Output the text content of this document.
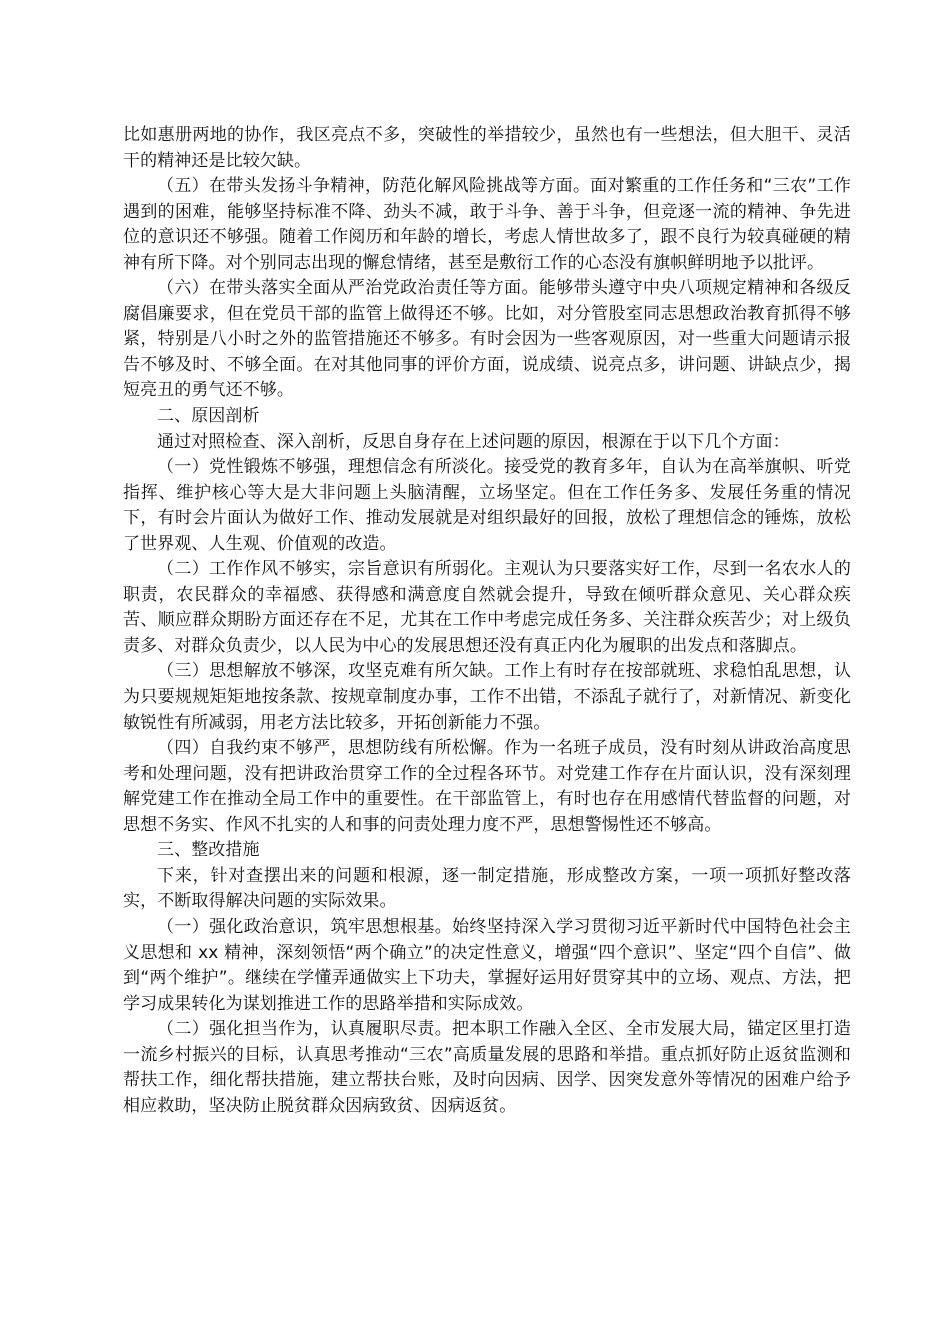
比如惠册两地的协作，我区亮点不多，突破性的举措较少，虽然也有一些想法，但大胆干、灵活干的精神还是比较欠缺。

（五）在带头发扬斗争精神，防范化解风险挑战等方面。面对繁重的工作任务和“三农”工作遇到的困难，能够坚持标准不降、劲头不减，敢于斗争、善于斗争，但竞逐一流的精神、争先进位的意识还不够强。随着工作阅历和年龄的增长，考虑人情世故多了，跟不良行为较真碰硬的精神有所下降。对个别同志出现的懈怠情绪，甚至是敷衍工作的心态没有旗帜鲜明地予以批评。

（六）在带头落实全面从严治党政治责任等方面。能够带头遵守中央八项规定精神和各级反腐倡廉要求，但在党员干部的监管上做得还不够。比如，对分管股室同志思想政治教育抓得不够紧，特别是八小时之外的监管措施还不够多。有时会因为一些客观原因，对一些重大问题请示报告不够及时、不够全面。在对其他同事的评价方面，说成绩、说亮点多，讲问题、讲缺点少，揭短亮丑的勇气还不够。

二、原因剖析

通过对照检查、深入剖析，反思自身存在上述问题的原因，根源在于以下几个方面：

（一）党性锻炼不够强，理想信念有所淡化。接受党的教育多年，自认为在高举旗帜、听党指挥、维护核心等大是大非问题上头脑清醒，立场坚定。但在工作任务多、发展任务重的情况下，有时会片面认为做好工作、推动发展就是对组织最好的回报，放松了理想信念的锤炼，放松了世界观、人生观、价值观的改造。

（二）工作作风不够实，宗旨意识有所弱化。主观认为只要落实好工作，尽到一名农水人的职责，农民群众的幸福感、获得感和满意度自然就会提升，导致在倾听群众意见、关心群众疾苦、顺应群众期盼方面还存在不足，尤其在工作中考虑完成任务多、关注群众疾苦少；对上级负责多、对群众负责少，以人民为中心的发展思想还没有真正内化为履职的出发点和落脚点。

（三）思想解放不够深，攻坚克难有所欠缺。工作上有时存在按部就班、求稳怕乱思想，认为只要规规矩矩地按条款、按规章制度办事，工作不出错，不添乱子就行了，对新情况、新变化敏锐性有所减弱，用老方法比较多，开拓创新能力不强。

（四）自我约束不够严，思想防线有所松懈。作为一名班子成员，没有时刻从讲政治高度思考和处理问题，没有把讲政治贯穿工作的全过程各环节。对党建工作存在片面认识，没有深刻理解党建工作在推动全局工作中的重要性。在干部监管上，有时也存在用感情代替监督的问题，对思想不务实、作风不扎实的人和事的问责处理力度不严，思想警惕性还不够高。

三、整改措施

下来，针对查摆出来的问题和根源，逐一制定措施，形成整改方案，一项一项抓好整改落实，不断取得解决问题的实际效果。

（一）强化政治意识，筑牢思想根基。始终坚持深入学习贯彻习近平新时代中国特色社会主义思想和 xx 精神，深刻领悟“两个确立”的决定性意义，增强“四个意识”、坚定“四个自信”、做到“两个维护”。继续在学懂弄通做实上下功夫，掌握好运用好贯穿其中的立场、观点、方法，把学习成果转化为谋划推进工作的思路举措和实际成效。

（二）强化担当作为，认真履职尽责。把本职工作融入全区、全市发展大局，锚定区里打造一流乡村振兴的目标，认真思考推动“三农”高质量发展的思路和举措。重点抓好防止返贫监测和帮扶工作，细化帮扶措施，建立帮扶台账，及时向因病、因学、因突发意外等情况的困难户给予相应救助，坚决防止脱贫群众因病致贫、因病返贫。
